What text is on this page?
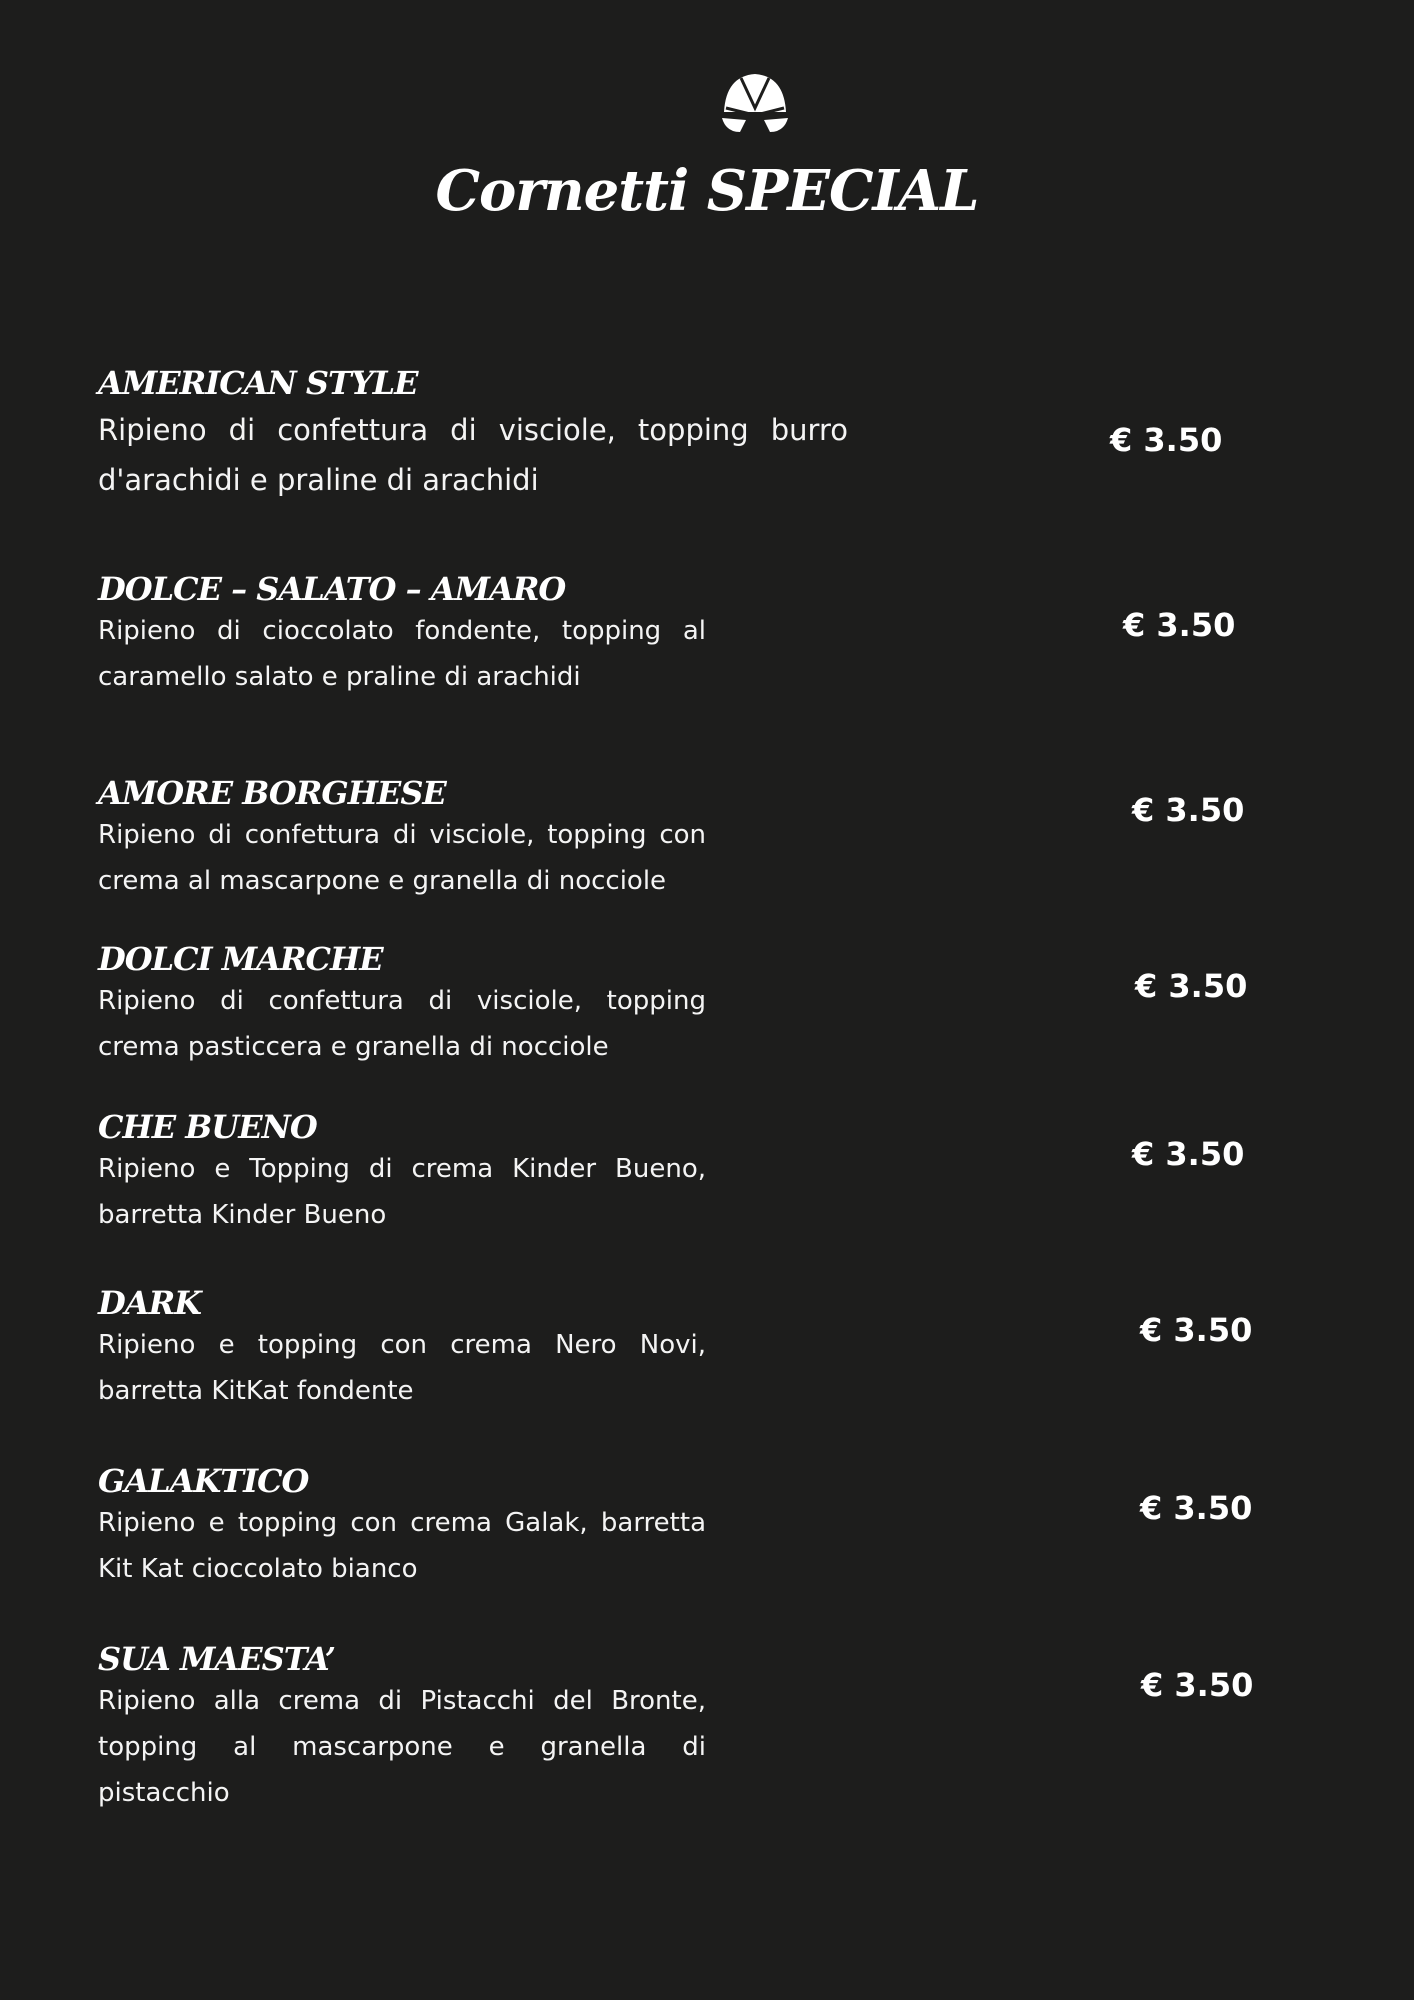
Cornetti SPECIAL
AMERICAN STYLE

Ripieno di confettura di visciole, topping burro d'arachidi e praline di arachidi

€ 3.50
DOLCE – SALATO – AMARO

Ripieno di cioccolato fondente, topping al caramello salato e praline di arachidi

€ 3.50
AMORE BORGHESE

Ripieno di confettura di visciole, topping con crema al mascarpone e granella di nocciole

€ 3.50
DOLCI MARCHE

Ripieno di confettura di visciole, topping crema pasticcera e granella di nocciole

€ 3.50
CHE BUENO

Ripieno e Topping di crema Kinder Bueno, barretta Kinder Bueno

€ 3.50
DARK

Ripieno e topping con crema Nero Novi, barretta KitKat fondente

€ 3.50
GALAKTICO

Ripieno e topping con crema Galak, barretta Kit Kat cioccolato bianco

€ 3.50
SUA MAESTA’

Ripieno alla crema di Pistacchi del Bronte, topping al mascarpone e granella di pistacchio

€ 3.50
